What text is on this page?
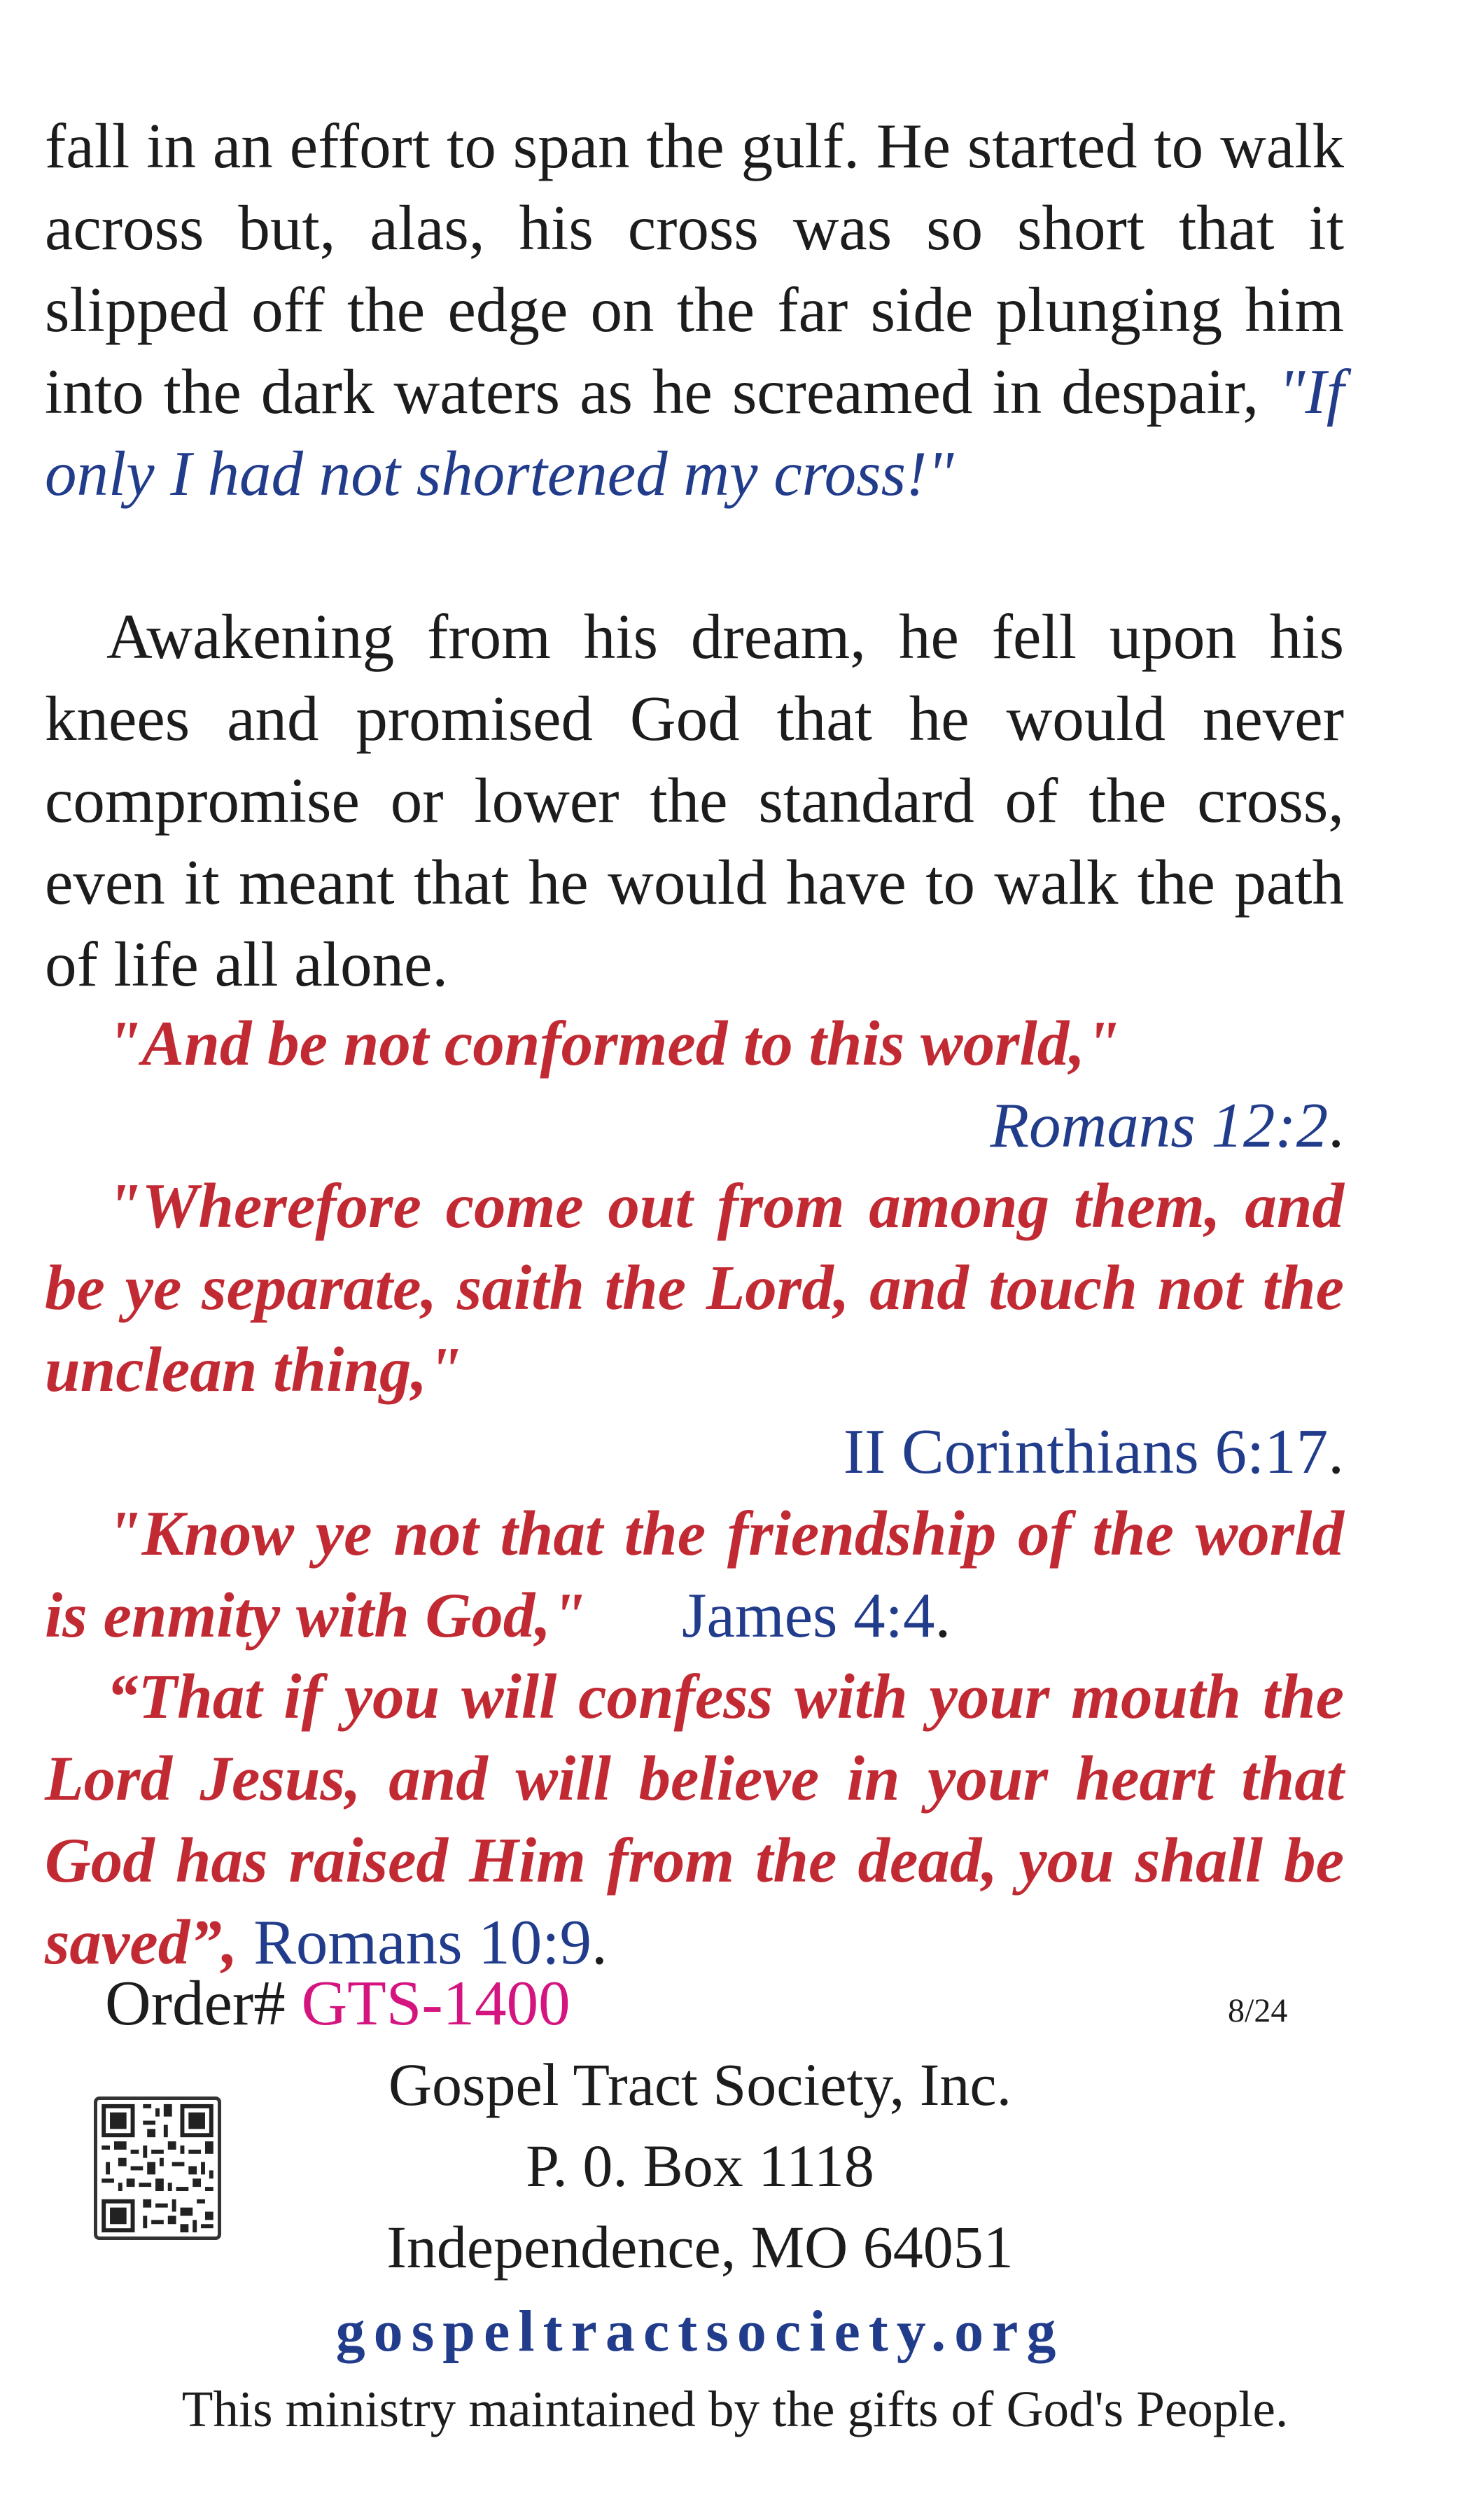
fall in an effort to span the gulf. He started to walk across but, alas, his cross was so short that it slipped off the edge on the far side plunging him into the dark waters as he screamed in despair, "If only I had not shortened my cross!"

Awakening from his dream, he fell upon his knees and promised God that he would never compromise or lower the standard of the cross, even it meant that he would have to walk the path of life all alone.

"And be not conformed to this world,"
Romans 12:2.

"Wherefore come out from among them, and be ye separate, saith the Lord, and touch not the unclean thing,"

II Corinthians 6:17.

"Know ye not that the friendship of the world is enmity with God," James 4:4.

“That if you will confess with your mouth the Lord Jesus, and will believe in your heart that God has raised Him from the dead, you shall be saved”, Romans 10:9.

Order# GTS-1400	8/24
Gospel Tract Society, Inc.
P. 0. Box 1118
Independence, MO 64051
gospeltractsociety.org
This ministry maintained by the gifts of God's People.
